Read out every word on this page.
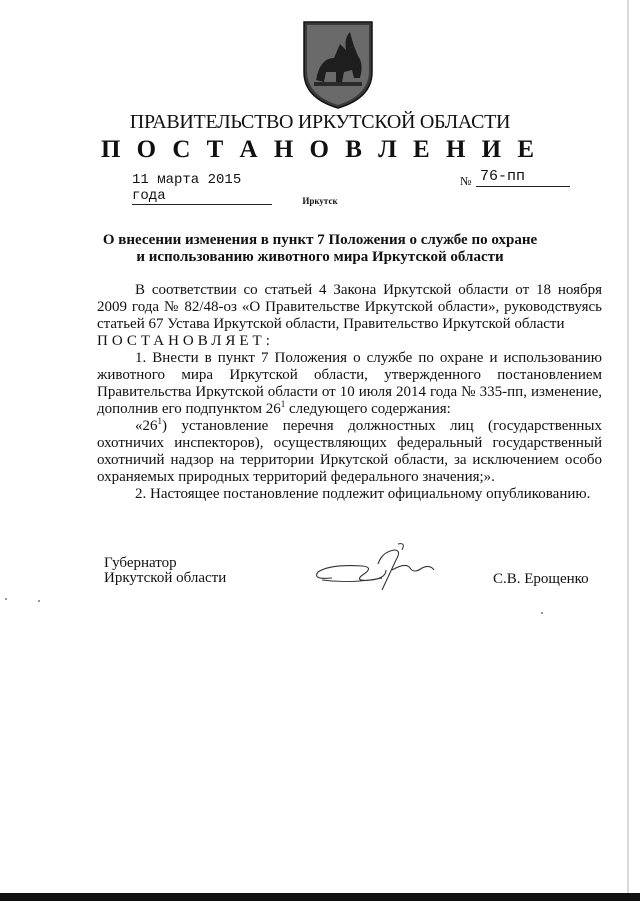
ПРАВИТЕЛЬСТВО ИРКУТСКОЙ ОБЛАСТИ
П О С Т А Н О В Л Е Н И Е
11 марта 2015 года
№ 76-пп
Иркутск
О внесении изменения в пункт 7 Положения о службе по охране и использованию животного мира Иркутской области

В соответствии со статьей 4 Закона Иркутской области от 18 ноября 2009 года № 82/48-оз «О Правительстве Иркутской области», руководствуясь статьей 67 Устава Иркутской области, Правительство Иркутской области

ПОСТАНОВЛЯЕТ:

1. Внести в пункт 7 Положения о службе по охране и использованию животного мира Иркутской области, утвержденного постановлением Правительства Иркутской области от 10 июля 2014 года № 335-пп, изменение, дополнив его подпунктом $26^1$ следующего содержания:

«$26^1$) установление перечня должностных лиц (государственных охотничих инспекторов), осуществляющих федеральный государственный охотничий надзор на территории Иркутской области, за исключением особо охраняемых природных территорий федерального значения;».

2. Настоящее постановление подлежит официальному опубликованию.

Губернатор
Иркутской области	С.В. Ерощенко
